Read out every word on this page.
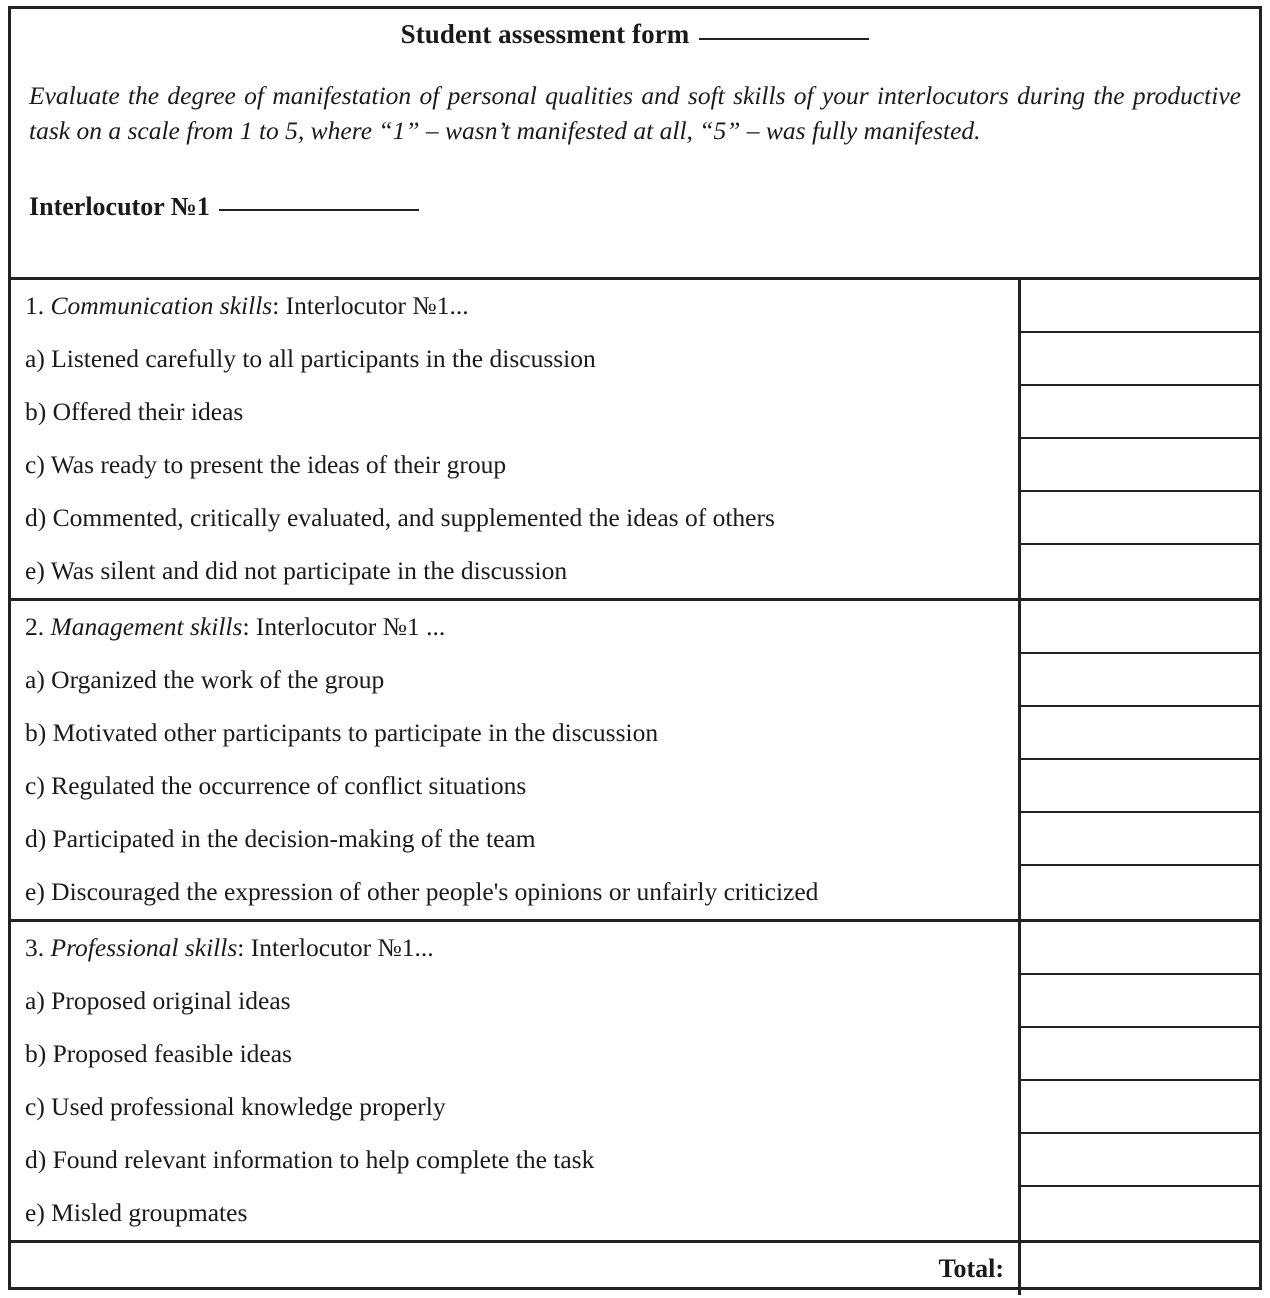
Student assessment form
Evaluate the degree of manifestation of personal qualities and soft skills of your interlocutors during the productive task on a scale from 1 to 5, where “1” – wasn’t manifested at all, “5” – was fully manifested.
Interlocutor №1
1.
Communication skills : Interlocutor №1...
a) Listened carefully to all participants in the discussion
b) Offered their ideas
c) Was ready to present the ideas of their group
d) Commented, critically evaluated, and supplemented the ideas of others
e) Was silent and did not participate in the discussion
2.
Management skills : Interlocutor №1 ...
a) Organized the work of the group
b) Motivated other participants to participate in the discussion
c) Regulated the occurrence of conflict situations
d) Participated in the decision-making of the team
e) Discouraged the expression of other people's opinions or unfairly criticized
3.
Professional skills : Interlocutor №1...
a) Proposed original ideas
b) Proposed feasible ideas
c) Used professional knowledge properly
d) Found relevant information to help complete the task
e) Misled groupmates
Total:
